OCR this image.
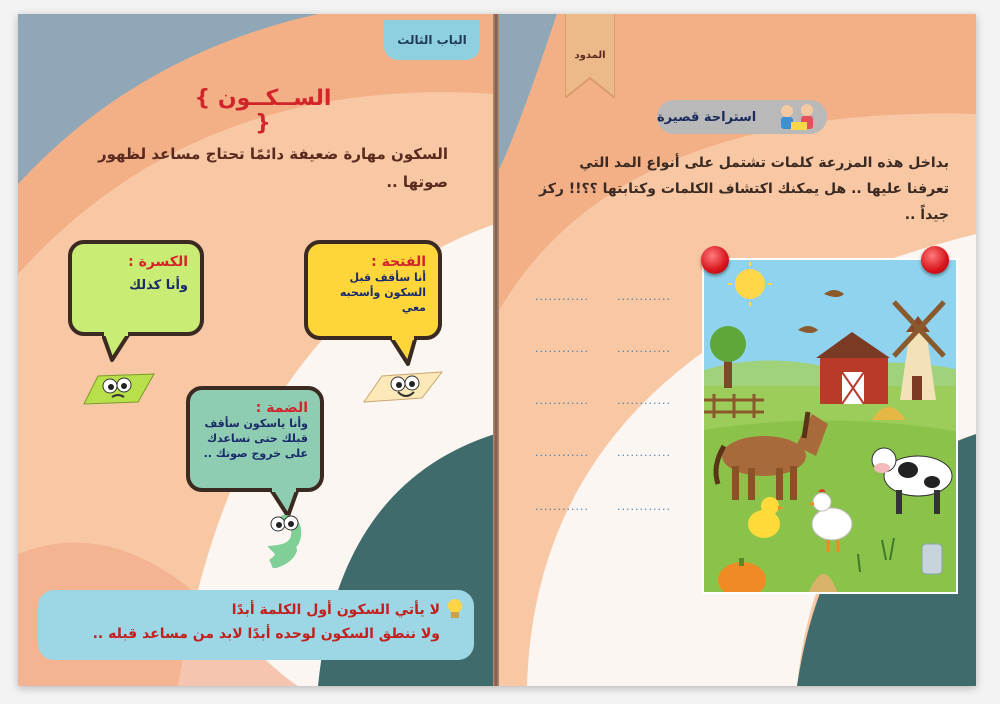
الباب الثالث
{ الســكــون }
السكون مهارة ضعيفة دائمًا تحتاج مساعد لظهور صوتها ..
الكسرة :
وأنا كذلك
الفتحة :
أنا سأقف قبل السكون وأسحبه معي
الضمة :
وأنا ياسكون سأقف قبلك حتى نساعدك على خروج صوتك ..
لا يأتي السكون أول الكلمة أبدًا
ولا ننطق السكون لوحده أبدًا لابد من مساعد قبله ..
المدود
استراحة قصيرة
بداخل هذه المزرعة كلمات تشتمل على أنواع المد التي تعرفنا عليها .. هل يمكنك اكتشاف الكلمات وكتابتها ؟؟!! ركز جيداً ..
............	............
............	............
............	............
............	............
............	............
